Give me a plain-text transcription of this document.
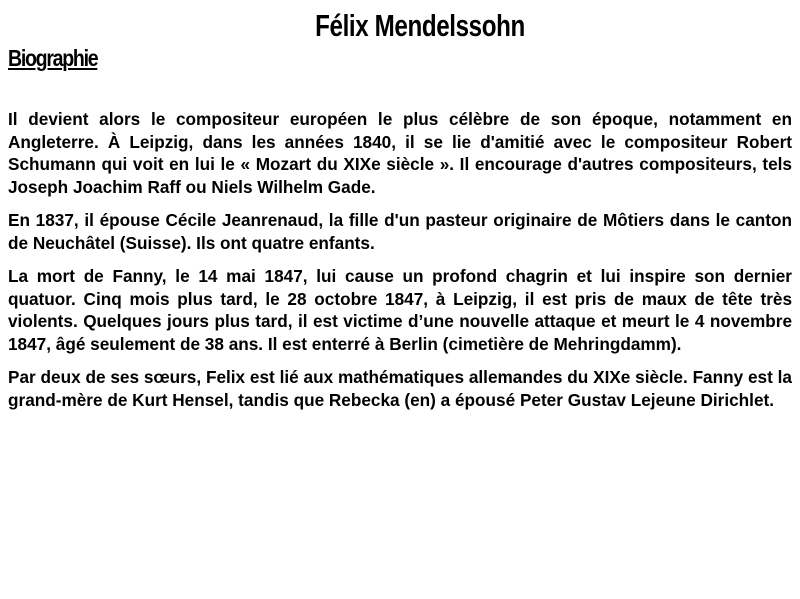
Félix Mendelssohn
Biographie

Il devient alors le compositeur européen le plus célèbre de son époque, notamment en Angleterre. À Leipzig, dans les années 1840, il se lie d'amitié avec le compositeur Robert Schumann qui voit en lui le « Mozart du XIXe siècle ». Il encourage d'autres compositeurs, tels Joseph Joachim Raff ou Niels Wilhelm Gade.

En 1837, il épouse Cécile Jeanrenaud, la fille d'un pasteur originaire de Môtiers dans le canton de Neuchâtel (Suisse). Ils ont quatre enfants.

La mort de Fanny, le 14 mai 1847, lui cause un profond chagrin et lui inspire son dernier quatuor. Cinq mois plus tard, le 28 octobre 1847, à Leipzig, il est pris de maux de tête très violents. Quelques jours plus tard, il est victime d’une nouvelle attaque et meurt le 4 novembre 1847, âgé seulement de 38 ans. Il est enterré à Berlin (cimetière de Mehringdamm).

Par deux de ses sœurs, Felix est lié aux mathématiques allemandes du XIXe siècle. Fanny est la grand-mère de Kurt Hensel, tandis que Rebecka (en) a épousé Peter Gustav Lejeune Dirichlet.
